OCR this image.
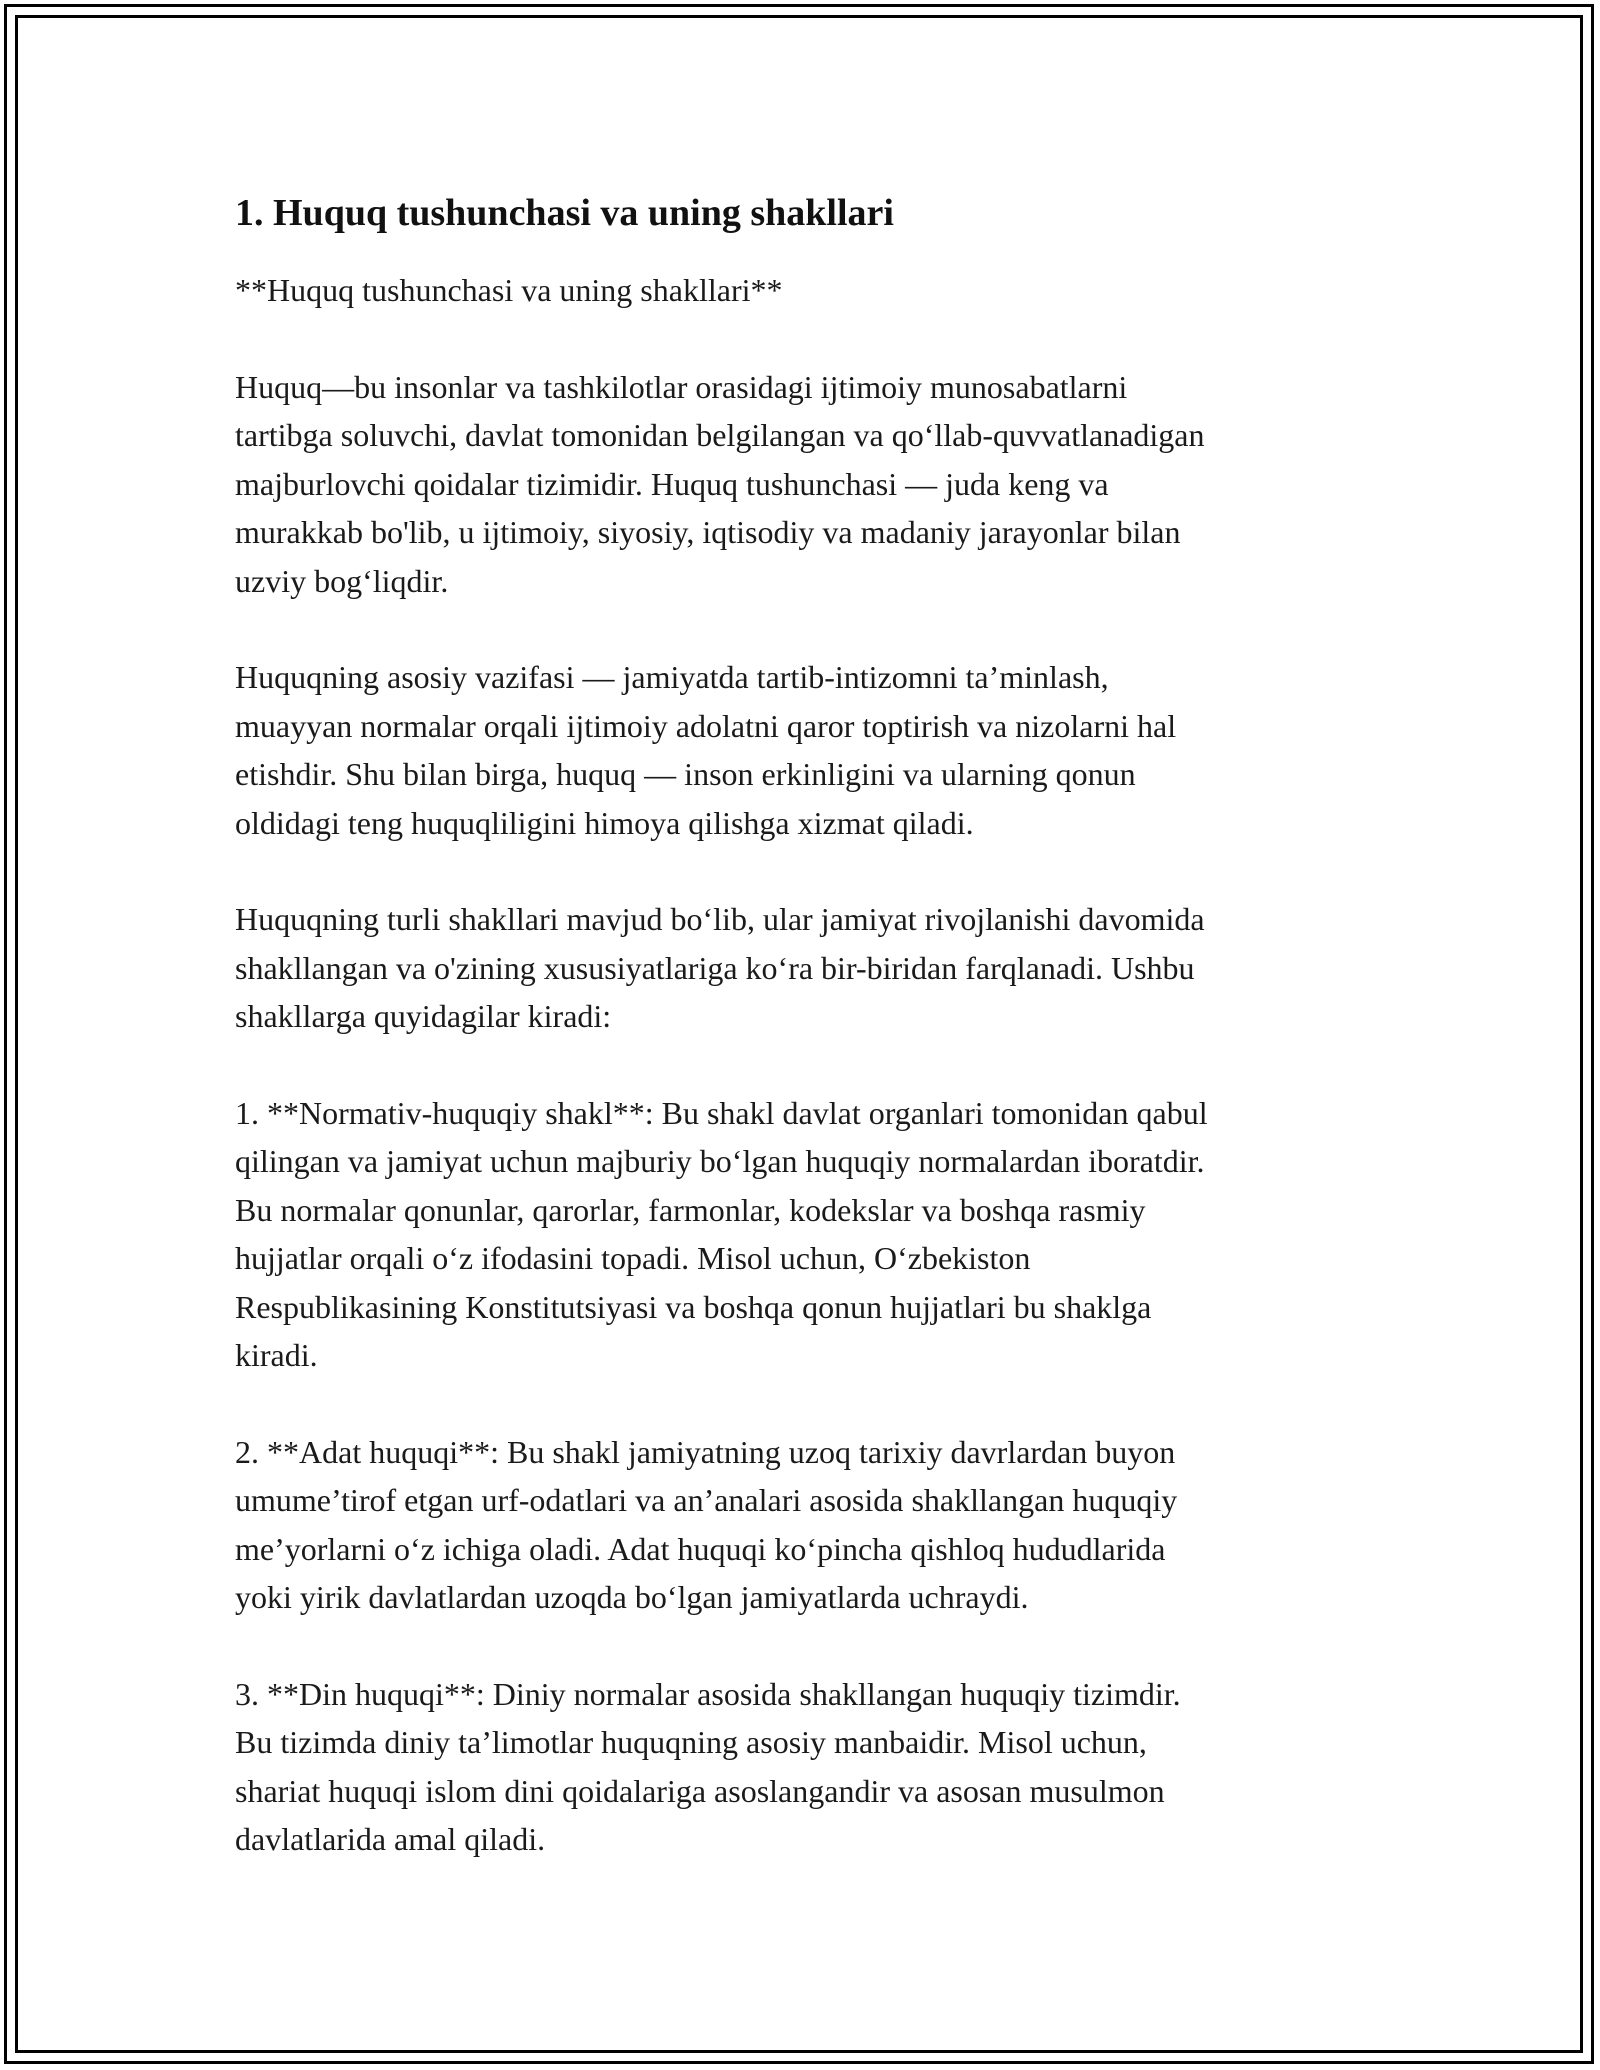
1. Huquq tushunchasi va uning shakllari

**Huquq tushunchasi va uning shakllari**

Huquq—bu insonlar va tashkilotlar orasidagi ijtimoiy munosabatlarni
tartibga soluvchi, davlat tomonidan belgilangan va qo‘llab-quvvatlanadigan
majburlovchi qoidalar tizimidir. Huquq tushunchasi — juda keng va
murakkab bo'lib, u ijtimoiy, siyosiy, iqtisodiy va madaniy jarayonlar bilan
uzviy bog‘liqdir.

Huquqning asosiy vazifasi — jamiyatda tartib-intizomni ta’minlash,
muayyan normalar orqali ijtimoiy adolatni qaror toptirish va nizolarni hal
etishdir. Shu bilan birga, huquq — inson erkinligini va ularning qonun
oldidagi teng huquqliligini himoya qilishga xizmat qiladi.

Huquqning turli shakllari mavjud bo‘lib, ular jamiyat rivojlanishi davomida
shakllangan va o'zining xususiyatlariga ko‘ra bir-biridan farqlanadi. Ushbu
shakllarga quyidagilar kiradi:

1. **Normativ-huquqiy shakl**: Bu shakl davlat organlari tomonidan qabul
qilingan va jamiyat uchun majburiy bo‘lgan huquqiy normalardan iboratdir.
Bu normalar qonunlar, qarorlar, farmonlar, kodekslar va boshqa rasmiy
hujjatlar orqali o‘z ifodasini topadi. Misol uchun, O‘zbekiston
Respublikasining Konstitutsiyasi va boshqa qonun hujjatlari bu shaklga
kiradi.

2. **Adat huquqi**: Bu shakl jamiyatning uzoq tarixiy davrlardan buyon
umume’tirof etgan urf-odatlari va an’analari asosida shakllangan huquqiy
me’yorlarni o‘z ichiga oladi. Adat huquqi ko‘pincha qishloq hududlarida
yoki yirik davlatlardan uzoqda bo‘lgan jamiyatlarda uchraydi.

3. **Din huquqi**: Diniy normalar asosida shakllangan huquqiy tizimdir.
Bu tizimda diniy ta’limotlar huquqning asosiy manbaidir. Misol uchun,
shariat huquqi islom dini qoidalariga asoslangandir va asosan musulmon
davlatlarida amal qiladi.
